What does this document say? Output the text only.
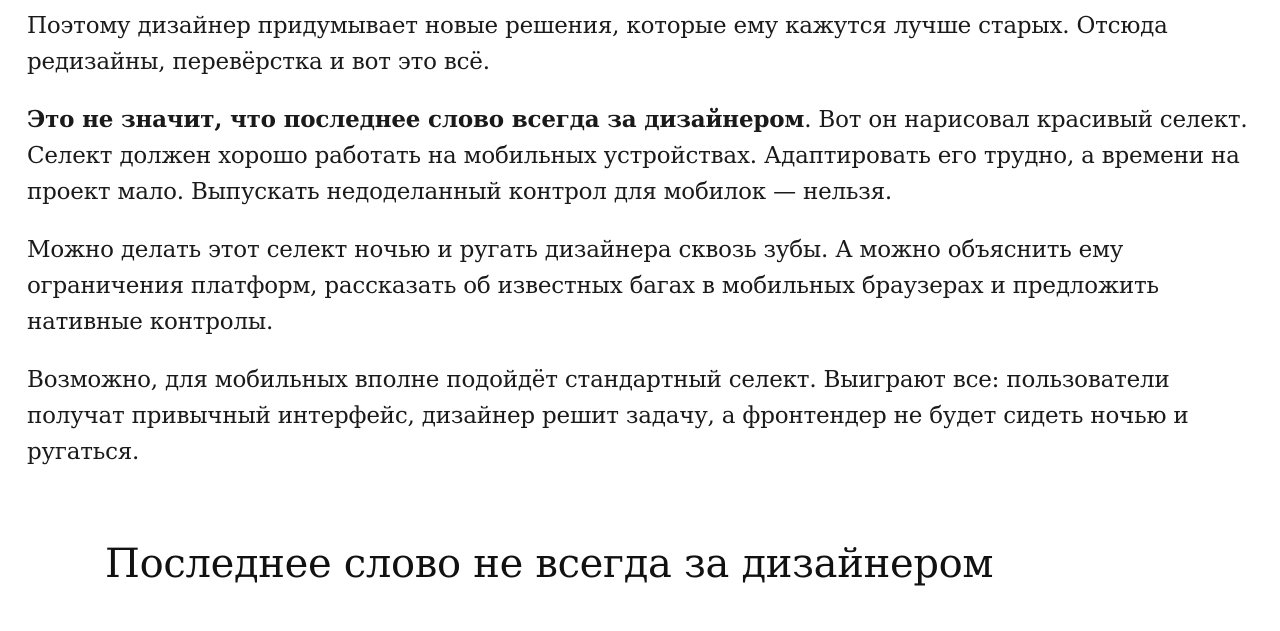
Поэтому дизайнер придумывает новые решения, которые ему кажутся лучше старых. Отсюда редизайны, перевёрстка и вот это всё.

Это не значит, что последнее слово всегда за дизайнером. Вот он нарисовал красивый селект. Селект должен хорошо работать на мобильных устройствах. Адаптировать его трудно, а времени на проект мало. Выпускать недоделанный контрол для мобилок — нельзя.

Можно делать этот селект ночью и ругать дизайнера сквозь зубы. А можно объяснить ему ограничения платформ, рассказать об известных багах в мобильных браузерах и предложить нативные контролы.

Возможно, для мобильных вполне подойдёт стандартный селект. Выиграют все: пользователи получат привычный интерфейс, дизайнер решит задачу, а фронтендер не будет сидеть ночью и ругаться.

Последнее слово не всегда за дизайнером
